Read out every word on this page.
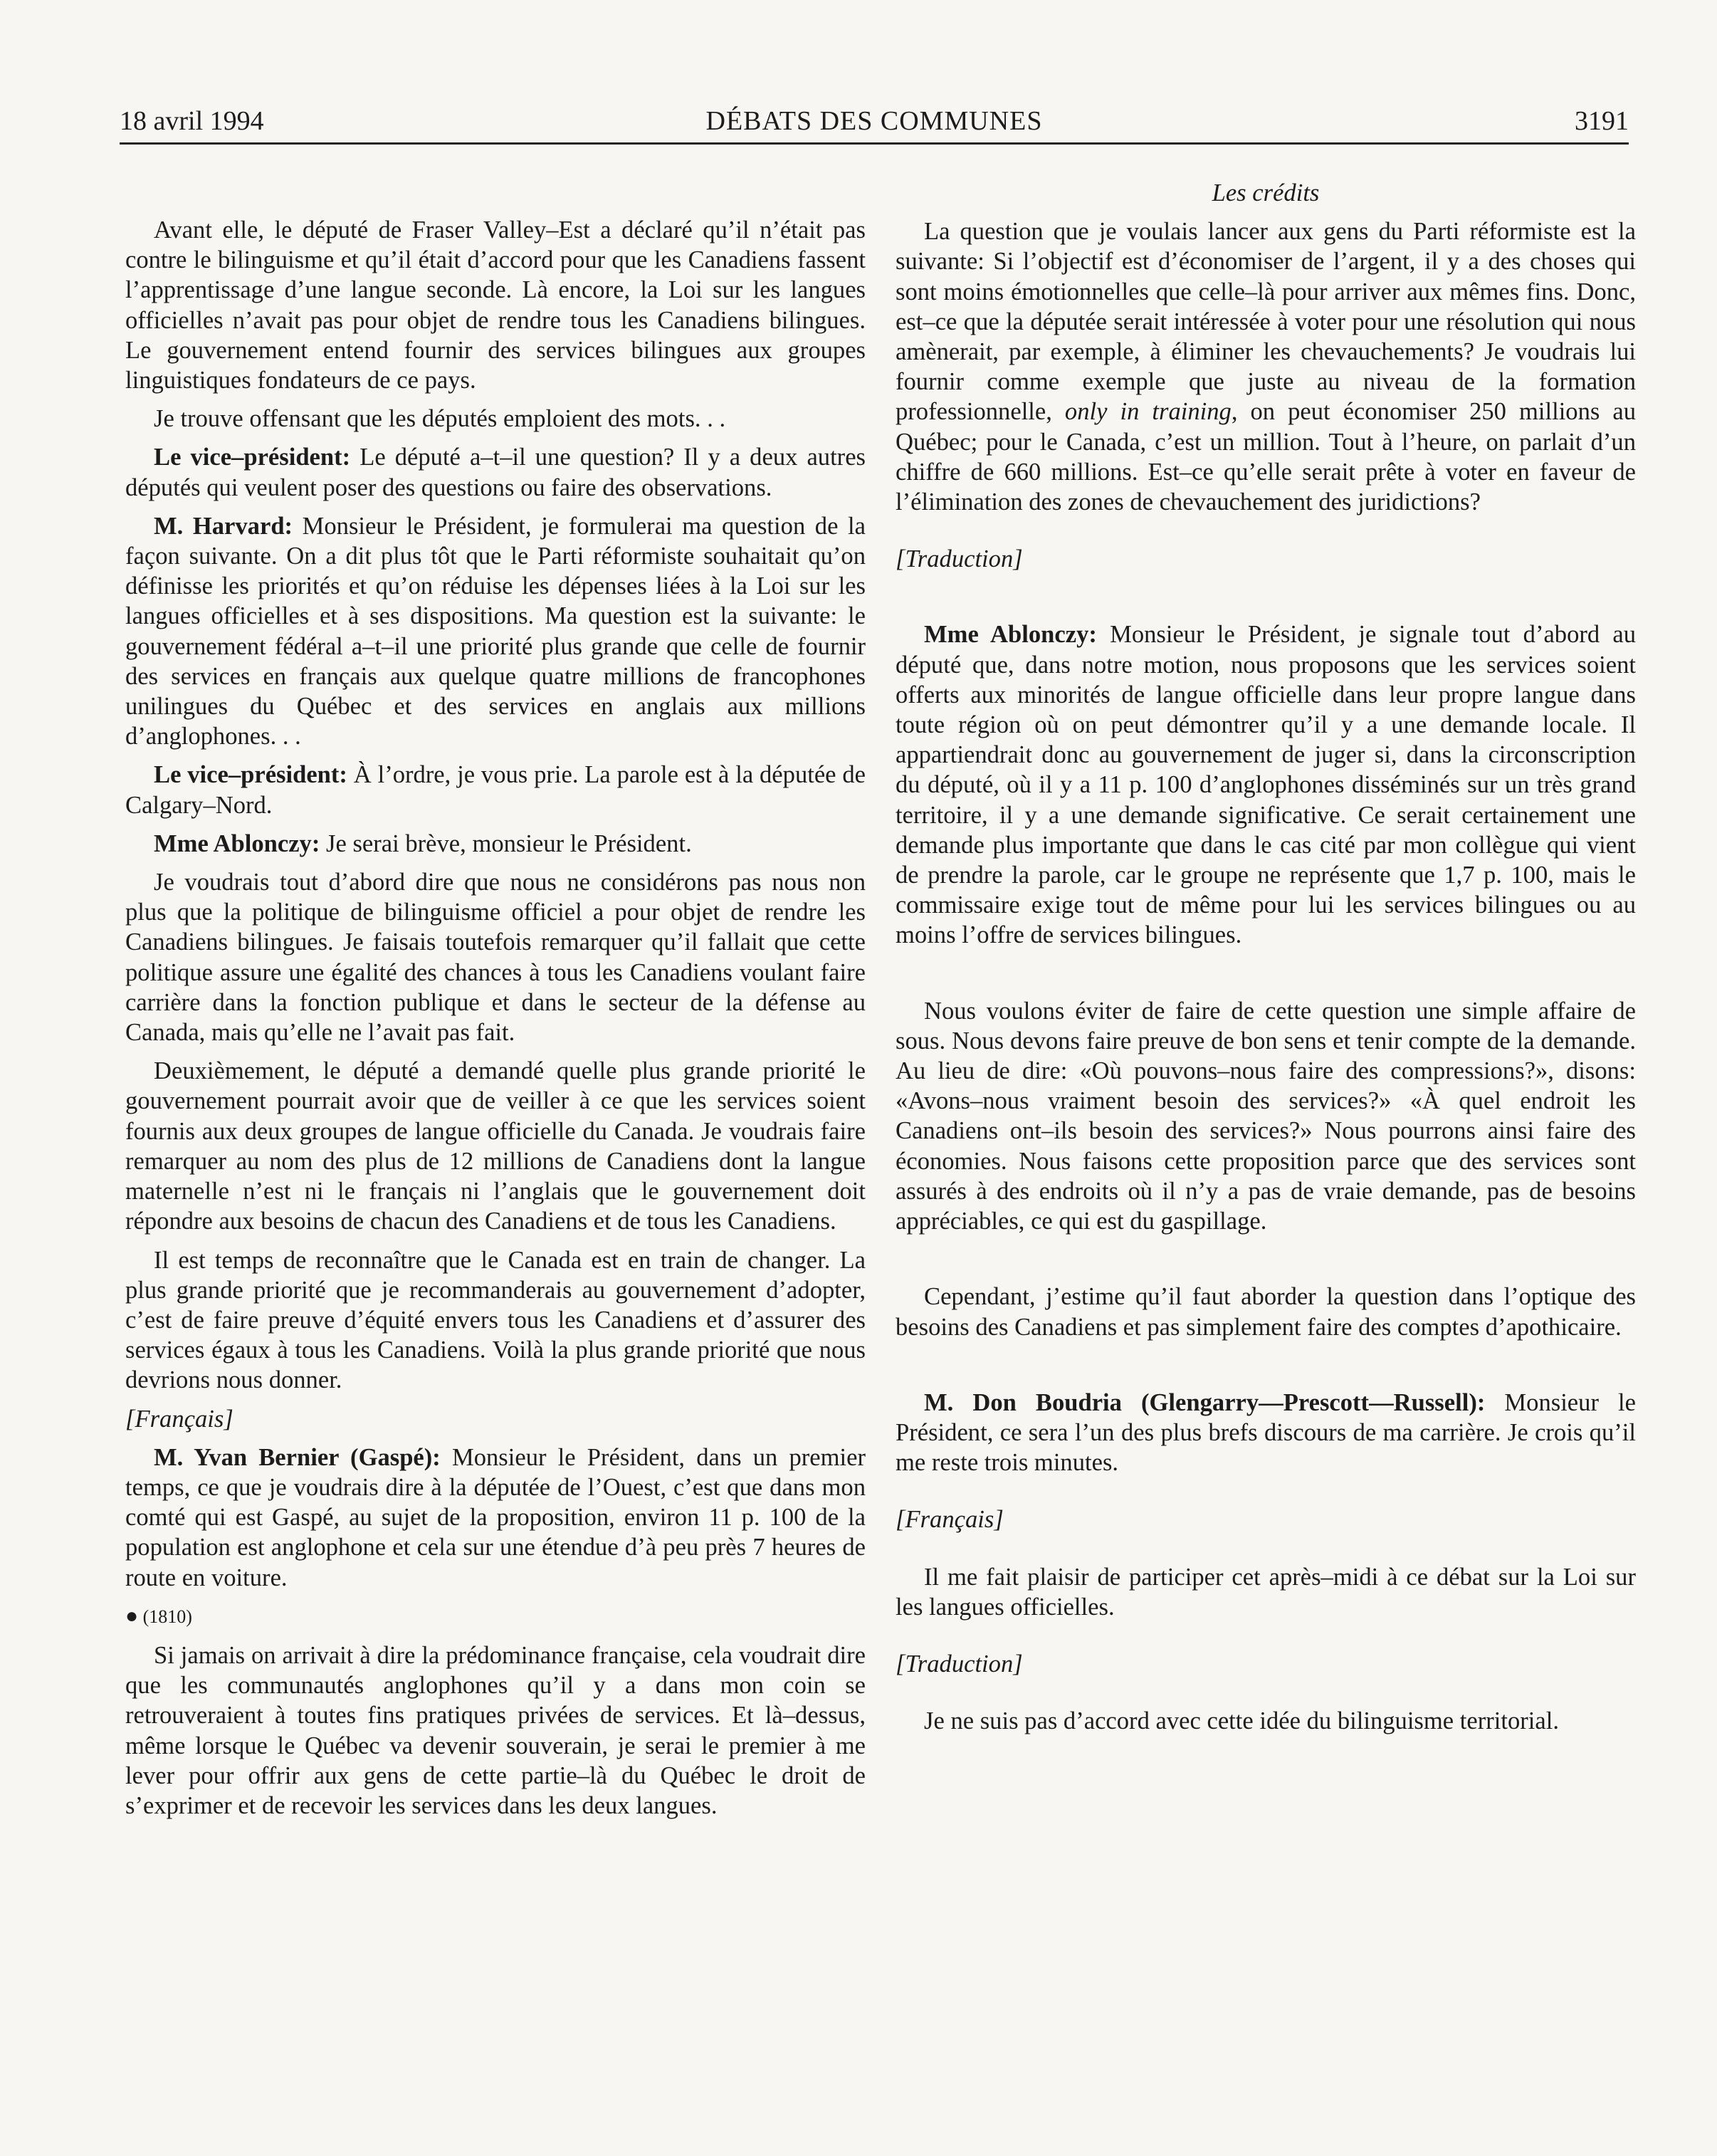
18 avril 1994	DÉBATS DES COMMUNES	3191

Avant elle, le député de Fraser Valley–Est a déclaré qu’il n’était pas contre le bilinguisme et qu’il était d’accord pour que les Canadiens fassent l’apprentissage d’une langue seconde. Là encore, la Loi sur les langues officielles n’avait pas pour objet de rendre tous les Canadiens bilingues. Le gouvernement entend fournir des services bilingues aux groupes linguistiques fondateurs de ce pays.

Je trouve offensant que les députés emploient des mots. . .

Le vice–président: Le député a–t–il une question? Il y a deux autres députés qui veulent poser des questions ou faire des observations.

M. Harvard: Monsieur le Président, je formulerai ma question de la façon suivante. On a dit plus tôt que le Parti réformiste souhaitait qu’on définisse les priorités et qu’on réduise les dépenses liées à la Loi sur les langues officielles et à ses dispositions. Ma question est la suivante: le gouvernement fédéral a–t–il une priorité plus grande que celle de fournir des services en français aux quelque quatre millions de francophones unilingues du Québec et des services en anglais aux millions d’anglophones. . .

Le vice–président: À l’ordre, je vous prie. La parole est à la députée de Calgary–Nord.

Mme Ablonczy: Je serai brève, monsieur le Président.

Je voudrais tout d’abord dire que nous ne considérons pas nous non plus que la politique de bilinguisme officiel a pour objet de rendre les Canadiens bilingues. Je faisais toutefois remarquer qu’il fallait que cette politique assure une égalité des chances à tous les Canadiens voulant faire carrière dans la fonction publique et dans le secteur de la défense au Canada, mais qu’elle ne l’avait pas fait.

Deuxièmement, le député a demandé quelle plus grande priorité le gouvernement pourrait avoir que de veiller à ce que les services soient fournis aux deux groupes de langue officielle du Canada. Je voudrais faire remarquer au nom des plus de 12 millions de Canadiens dont la langue maternelle n’est ni le français ni l’anglais que le gouvernement doit répondre aux besoins de chacun des Canadiens et de tous les Canadiens.

Il est temps de reconnaître que le Canada est en train de changer. La plus grande priorité que je recommanderais au gouvernement d’adopter, c’est de faire preuve d’équité envers tous les Canadiens et d’assurer des services égaux à tous les Canadiens. Voilà la plus grande priorité que nous devrions nous donner.

[Français]

M. Yvan Bernier (Gaspé): Monsieur le Président, dans un premier temps, ce que je voudrais dire à la députée de l’Ouest, c’est que dans mon comté qui est Gaspé, au sujet de la proposition, environ 11 p. 100 de la population est anglophone et cela sur une étendue d’à peu près 7 heures de route en voiture.

● (1810)

Si jamais on arrivait à dire la prédominance française, cela voudrait dire que les communautés anglophones qu’il y a dans mon coin se retrouveraient à toutes fins pratiques privées de services. Et là–dessus, même lorsque le Québec va devenir souverain, je serai le premier à me lever pour offrir aux gens de cette partie–là du Québec le droit de s’exprimer et de recevoir les services dans les deux langues.

Les crédits

La question que je voulais lancer aux gens du Parti réformiste est la suivante: Si l’objectif est d’économiser de l’argent, il y a des choses qui sont moins émotionnelles que celle–là pour arriver aux mêmes fins. Donc, est–ce que la députée serait intéressée à voter pour une résolution qui nous amènerait, par exemple, à éliminer les chevauchements? Je voudrais lui fournir comme exemple que juste au niveau de la formation professionnelle, only in training, on peut économiser 250 millions au Québec; pour le Canada, c’est un million. Tout à l’heure, on parlait d’un chiffre de 660 millions. Est–ce qu’elle serait prête à voter en faveur de l’élimination des zones de chevauchement des juridictions?

[Traduction]

Mme Ablonczy: Monsieur le Président, je signale tout d’abord au député que, dans notre motion, nous proposons que les services soient offerts aux minorités de langue officielle dans leur propre langue dans toute région où on peut démontrer qu’il y a une demande locale. Il appartiendrait donc au gouvernement de juger si, dans la circonscription du député, où il y a 11 p. 100 d’anglophones disséminés sur un très grand territoire, il y a une demande significative. Ce serait certainement une demande plus importante que dans le cas cité par mon collègue qui vient de prendre la parole, car le groupe ne représente que 1,7 p. 100, mais le commissaire exige tout de même pour lui les services bilingues ou au moins l’offre de services bilingues.

Nous voulons éviter de faire de cette question une simple affaire de sous. Nous devons faire preuve de bon sens et tenir compte de la demande. Au lieu de dire: «Où pouvons–nous faire des compressions?», disons: «Avons–nous vraiment besoin des services?» «À quel endroit les Canadiens ont–ils besoin des services?» Nous pourrons ainsi faire des économies. Nous faisons cette proposition parce que des services sont assurés à des endroits où il n’y a pas de vraie demande, pas de besoins appréciables, ce qui est du gaspillage.

Cependant, j’estime qu’il faut aborder la question dans l’optique des besoins des Canadiens et pas simplement faire des comptes d’apothicaire.

M. Don Boudria (Glengarry—Prescott—Russell): Monsieur le Président, ce sera l’un des plus brefs discours de ma carrière. Je crois qu’il me reste trois minutes.

[Français]

Il me fait plaisir de participer cet après–midi à ce débat sur la Loi sur les langues officielles.

[Traduction]

Je ne suis pas d’accord avec cette idée du bilinguisme territorial.
